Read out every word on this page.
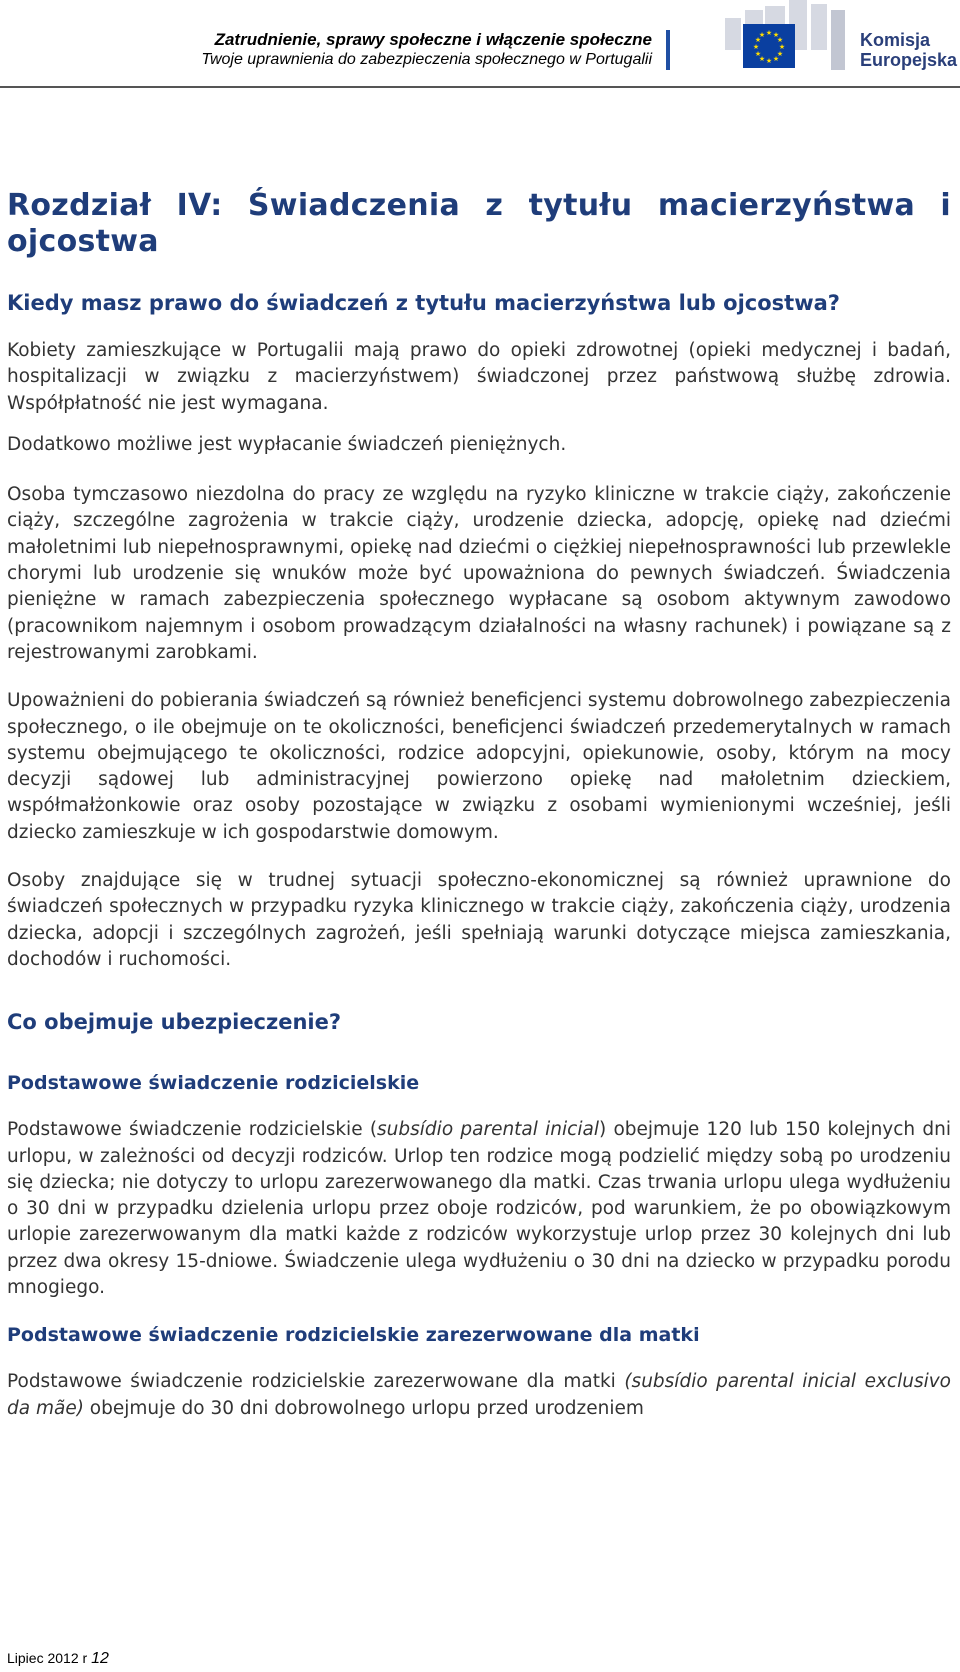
Zatrudnienie, sprawy społeczne i włączenie społeczne
Twoje uprawnienia do zabezpieczenia społecznego w Portugalii
★ ★
★
★
★
★
★
★
★
★
★
★	Komisja
Europejska
Rozdział IV: Świadczenia z tytułu macierzyństwa i ojcostwa
Kiedy masz prawo do świadczeń z tytułu macierzyństwa lub ojcostwa?

Kobiety zamieszkujące w Portugalii mają prawo do opieki zdrowotnej (opieki medycznej i badań, hospitalizacji w związku z macierzyństwem) świadczonej przez państwową służbę zdrowia. Współpłatność nie jest wymagana.

Dodatkowo możliwe jest wypłacanie świadczeń pieniężnych.

Osoba tymczasowo niezdolna do pracy ze względu na ryzyko kliniczne w trakcie ciąży, zakończenie ciąży, szczególne zagrożenia w trakcie ciąży, urodzenie dziecka, adopcję, opiekę nad dziećmi małoletnimi lub niepełnosprawnymi, opiekę nad dziećmi o ciężkiej niepełnosprawności lub przewlekle chorymi lub urodzenie się wnuków może być upoważniona do pewnych świadczeń. Świadczenia pieniężne w ramach zabezpieczenia społecznego wypłacane są osobom aktywnym zawodowo (pracownikom najemnym i osobom prowadzącym działalności na własny rachunek) i powiązane są z rejestrowanymi zarobkami.

Upoważnieni do pobierania świadczeń są również beneficjenci systemu dobrowolnego zabezpieczenia społecznego, o ile obejmuje on te okoliczności, beneficjenci świadczeń przedemerytalnych w ramach systemu obejmującego te okoliczności, rodzice adopcyjni, opiekunowie, osoby, którym na mocy decyzji sądowej lub administracyjnej powierzono opiekę nad małoletnim dzieckiem, współmałżonkowie oraz osoby pozostające w związku z osobami wymienionymi wcześniej, jeśli dziecko zamieszkuje w ich gospodarstwie domowym.

Osoby znajdujące się w trudnej sytuacji społeczno-ekonomicznej są również uprawnione do świadczeń społecznych w przypadku ryzyka klinicznego w trakcie ciąży, zakończenia ciąży, urodzenia dziecka, adopcji i szczególnych zagrożeń, jeśli spełniają warunki dotyczące miejsca zamieszkania, dochodów i ruchomości.

Co obejmuje ubezpieczenie?
Podstawowe świadczenie rodzicielskie

Podstawowe świadczenie rodzicielskie (subsídio parental inicial) obejmuje 120 lub 150 kolejnych dni urlopu, w zależności od decyzji rodziców. Urlop ten rodzice mogą podzielić między sobą po urodzeniu się dziecka; nie dotyczy to urlopu zarezerwowanego dla matki. Czas trwania urlopu ulega wydłużeniu o 30 dni w przypadku dzielenia urlopu przez oboje rodziców, pod warunkiem, że po obowiązkowym urlopie zarezerwowanym dla matki każde z rodziców wykorzystuje urlop przez 30 kolejnych dni lub przez dwa okresy 15-dniowe. Świadczenie ulega wydłużeniu o 30 dni na dziecko w przypadku porodu mnogiego.

Podstawowe świadczenie rodzicielskie zarezerwowane dla matki

Podstawowe świadczenie rodzicielskie zarezerwowane dla matki (subsídio parental inicial exclusivo da mãe) obejmuje do 30 dni dobrowolnego urlopu przed urodzeniem

Lipiec 2012 r 12
